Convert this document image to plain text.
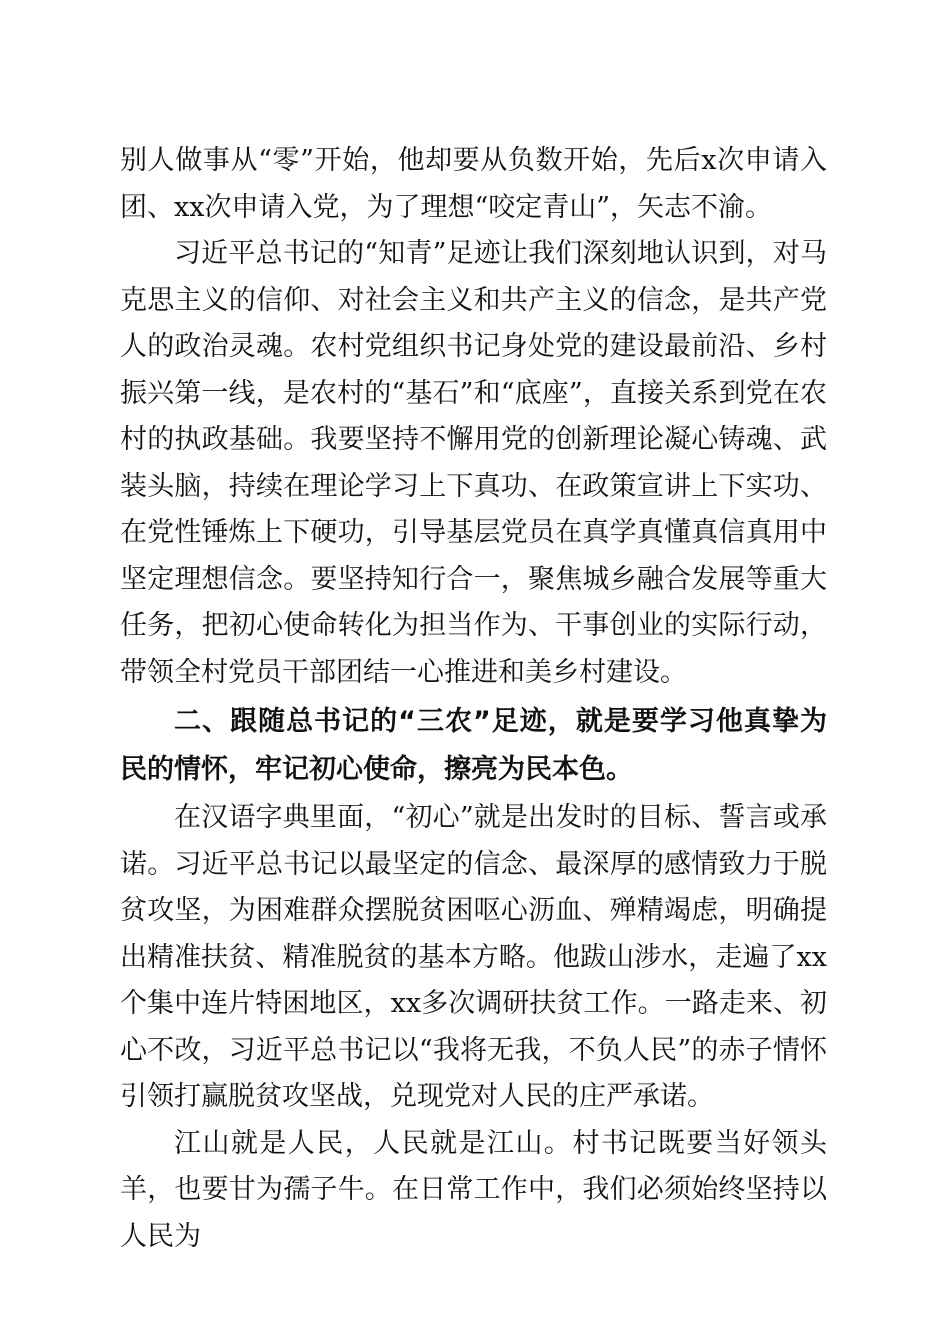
别人做事从“零”开始，他却要从负数开始，先后x次申请入团、xx次申请入党，为了理想“咬定青山”，矢志不渝。

习近平总书记的“知青”足迹让我们深刻地认识到，对马克思主义的信仰、对社会主义和共产主义的信念，是共产党人的政治灵魂。农村党组织书记身处党的建设最前沿、乡村振兴第一线，是农村的“基石”和“底座”，直接关系到党在农村的执政基础。我要坚持不懈用党的创新理论凝心铸魂、武装头脑，持续在理论学习上下真功、在政策宣讲上下实功、在党性锤炼上下硬功，引导基层党员在真学真懂真信真用中坚定理想信念。要坚持知行合一，聚焦城乡融合发展等重大任务，把初心使命转化为担当作为、干事创业的实际行动，带领全村党员干部团结一心推进和美乡村建设。

二、跟随总书记的“三农”足迹，就是要学习他真挚为民的情怀，牢记初心使命，擦亮为民本色。

在汉语字典里面，“初心”就是出发时的目标、誓言或承诺。习近平总书记以最坚定的信念、最深厚的感情致力于脱贫攻坚，为困难群众摆脱贫困呕心沥血、殚精竭虑，明确提出精准扶贫、精准脱贫的基本方略。他跋山涉水，走遍了xx个集中连片特困地区，xx多次调研扶贫工作。一路走来、初心不改，习近平总书记以“我将无我，不负人民”的赤子情怀引领打赢脱贫攻坚战，兑现党对人民的庄严承诺。

江山就是人民，人民就是江山。村书记既要当好领头羊，也要甘为孺子牛。在日常工作中，我们必须始终坚持以人民为
